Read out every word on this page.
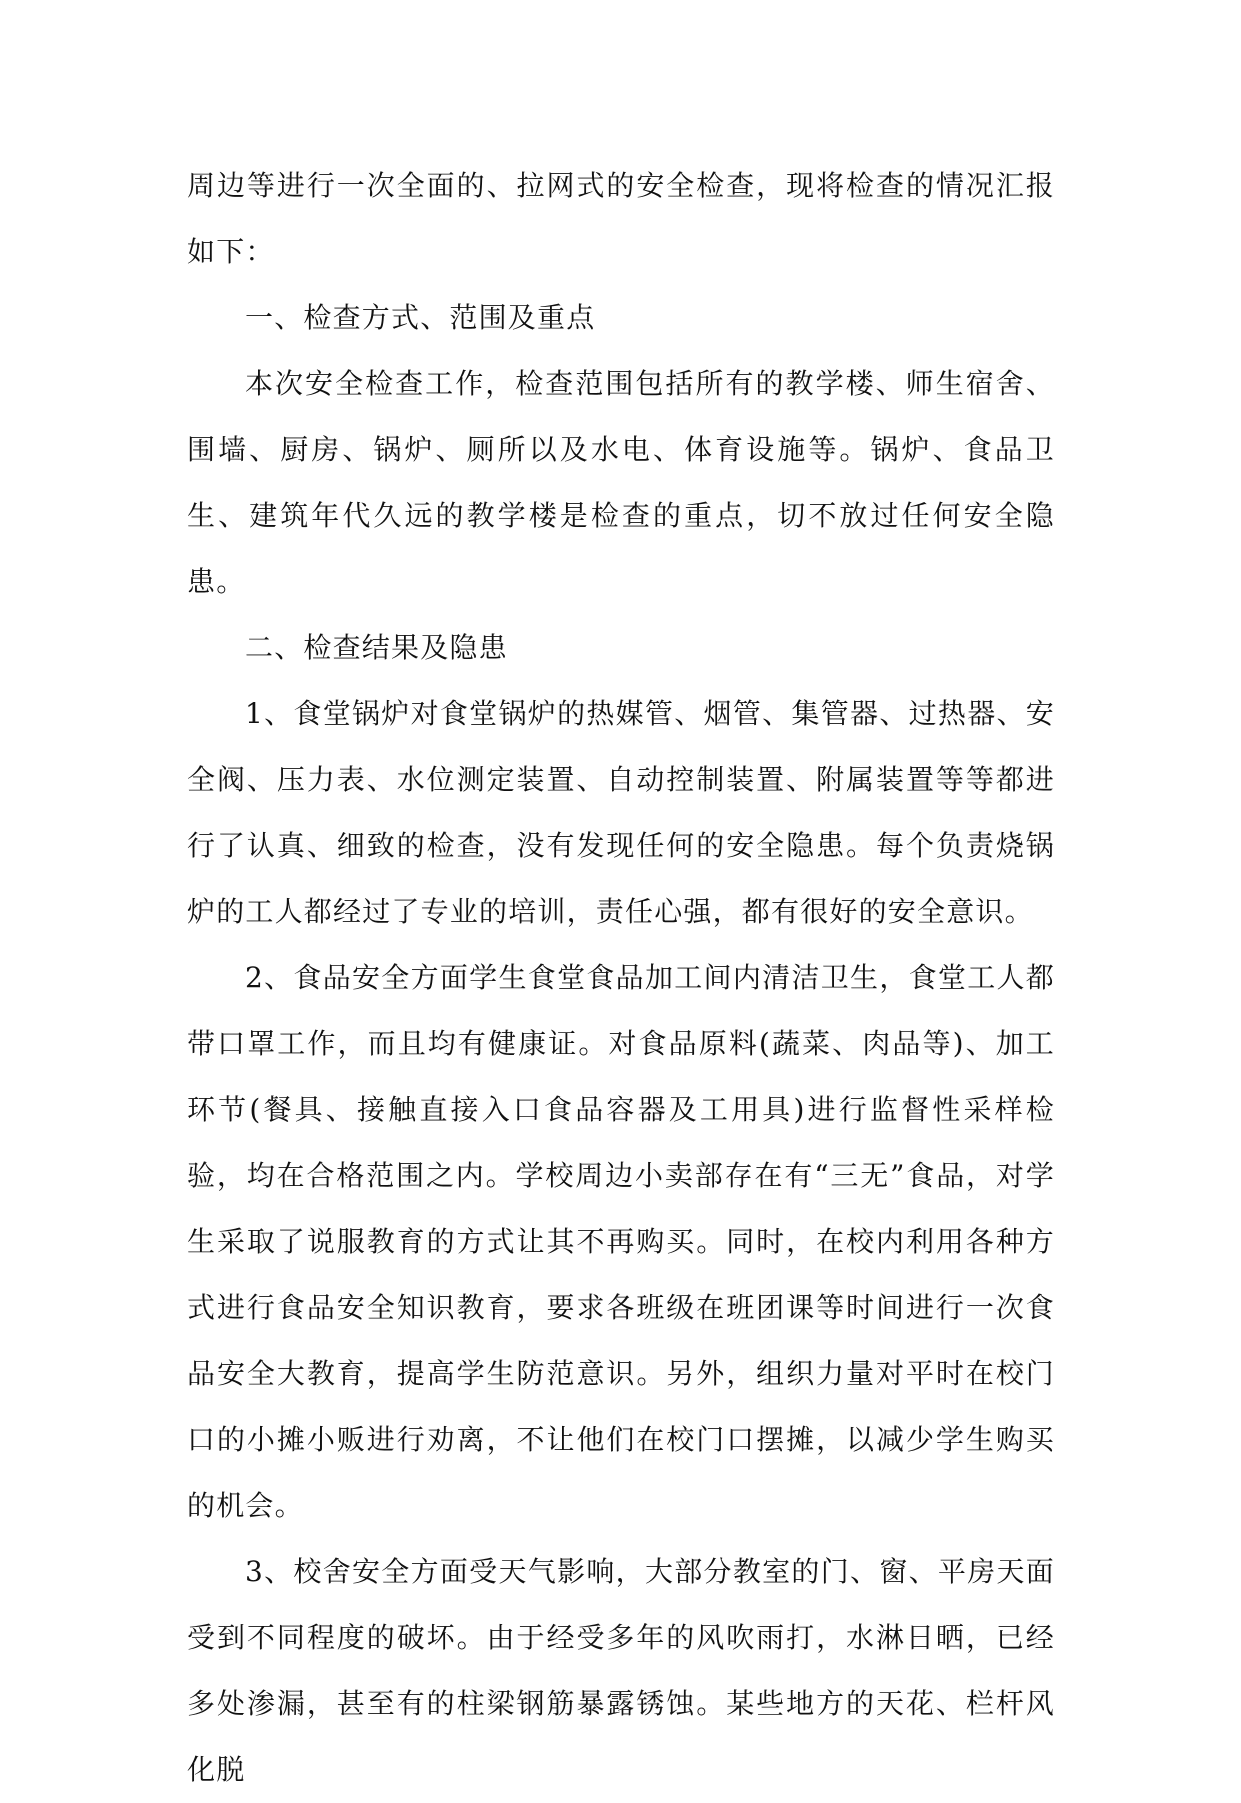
周边等进行一次全面的、拉网式的安全检查，现将检查的情况汇报如下：

一、检查方式、范围及重点

本次安全检查工作，检查范围包括所有的教学楼、师生宿舍、围墙、厨房、锅炉、厕所以及水电、体育设施等。锅炉、食品卫生、建筑年代久远的教学楼是检查的重点，切不放过任何安全隐患。

二、检查结果及隐患

1、食堂锅炉对食堂锅炉的热媒管、烟管、集管器、过热器、安全阀、压力表、水位测定装置、自动控制装置、附属装置等等都进行了认真、细致的检查，没有发现任何的安全隐患。每个负责烧锅炉的工人都经过了专业的培训，责任心强，都有很好的安全意识。

2、食品安全方面学生食堂食品加工间内清洁卫生，食堂工人都带口罩工作，而且均有健康证。对食品原料(蔬菜、肉品等)、加工环节(餐具、接触直接入口食品容器及工用具)进行监督性采样检验，均在合格范围之内。学校周边小卖部存在有“三无”食品，对学生采取了说服教育的方式让其不再购买。同时，在校内利用各种方式进行食品安全知识教育，要求各班级在班团课等时间进行一次食品安全大教育，提高学生防范意识。另外，组织力量对平时在校门口的小摊小贩进行劝离，不让他们在校门口摆摊，以减少学生购买的机会。

3、校舍安全方面受天气影响，大部分教室的门、窗、平房天面受到不同程度的破坏。由于经受多年的风吹雨打，水淋日晒，已经多处渗漏，甚至有的柱梁钢筋暴露锈蚀。某些地方的天花、栏杆风化脱
